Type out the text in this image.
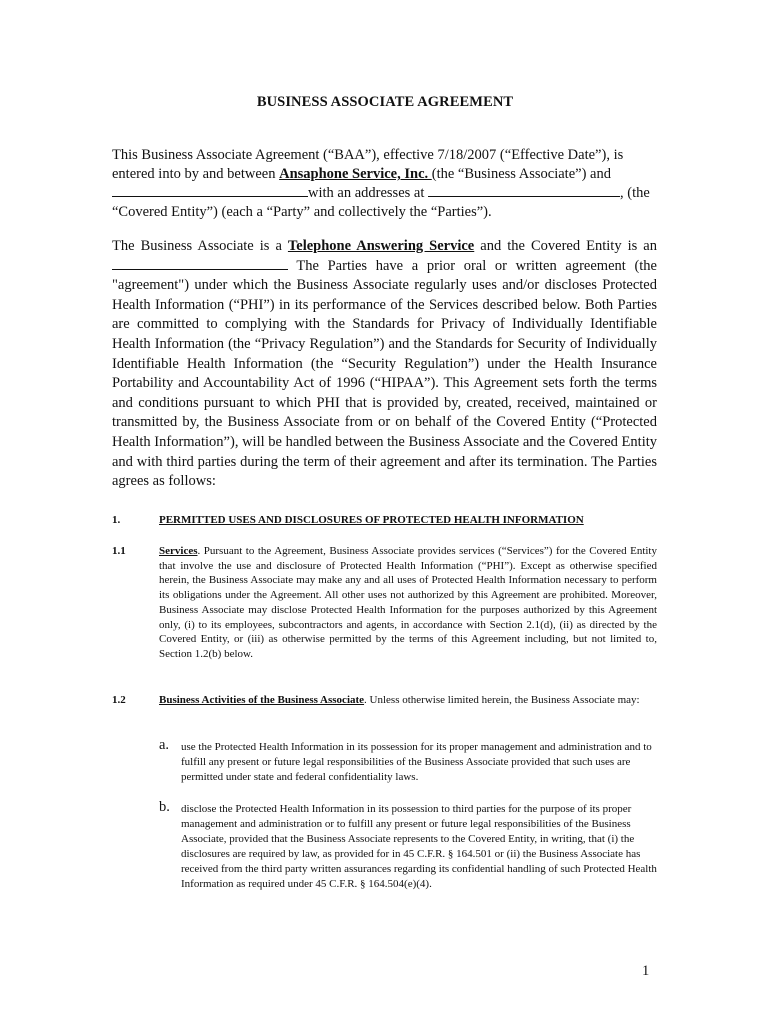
BUSINESS ASSOCIATE AGREEMENT

This Business Associate Agreement (“BAA”), effective 7/18/2007 (“Effective Date”), is entered into by and between Ansaphone Service, Inc. (the “Business Associate”) and
with an addresses at	, (the “Covered Entity”) (each a “Party” and collectively the “Parties”).

The Business Associate is a Telephone Answering Service and the Covered Entity is an  The Parties have a prior oral or written agreement (the "agreement") under which the Business Associate regularly uses and/or discloses Protected Health Information (“PHI”) in its performance of the Services described below. Both Parties are committed to complying with the Standards for Privacy of Individually Identifiable Health Information (the “Privacy Regulation”) and the Standards for Security of Individually Identifiable Health Information (the “Security Regulation”) under the Health Insurance Portability and Accountability Act of 1996 (“HIPAA”). This Agreement sets forth the terms and conditions pursuant to which PHI that is provided by, created, received, maintained or transmitted by, the Business Associate from or on behalf of the Covered Entity (“Protected Health Information”), will be handled between the Business Associate and the Covered Entity and with third parties during the term of their agreement and after its termination. The Parties agrees as follows:
1.	PERMITTED USES AND DISCLOSURES OF PROTECTED HEALTH INFORMATION
1.1	Services. Pursuant to the Agreement, Business Associate provides services (“Services”) for the Covered Entity that involve the use and disclosure of Protected Health Information (“PHI”). Except as otherwise specified herein, the Business Associate may make any and all uses of Protected Health Information necessary to perform its obligations under the Agreement. All other uses not authorized by this Agreement are prohibited. Moreover, Business Associate may disclose Protected Health Information for the purposes authorized by this Agreement only, (i) to its employees, subcontractors and agents, in accordance with Section 2.1(d), (ii) as directed by the Covered Entity, or (iii) as otherwise permitted by the terms of this Agreement including, but not limited to, Section 1.2(b) below.
1.2	Business Activities of the Business Associate. Unless otherwise limited herein, the Business Associate may:
a. use the Protected Health Information in its possession for its proper management and administration and to fulfill any present or future legal responsibilities of the Business Associate provided that such uses are permitted under state and federal confidentiality laws.
b. disclose the Protected Health Information in its possession to third parties for the purpose of its proper management and administration or to fulfill any present or future legal responsibilities of the Business Associate, provided that the Business Associate represents to the Covered Entity, in writing, that (i) the disclosures are required by law, as provided for in 45 C.F.R. § 164.501 or (ii) the Business Associate has received from the third party written assurances regarding its confidential handling of such Protected Health Information as required under 45 C.F.R. § 164.504(e)(4).
1
